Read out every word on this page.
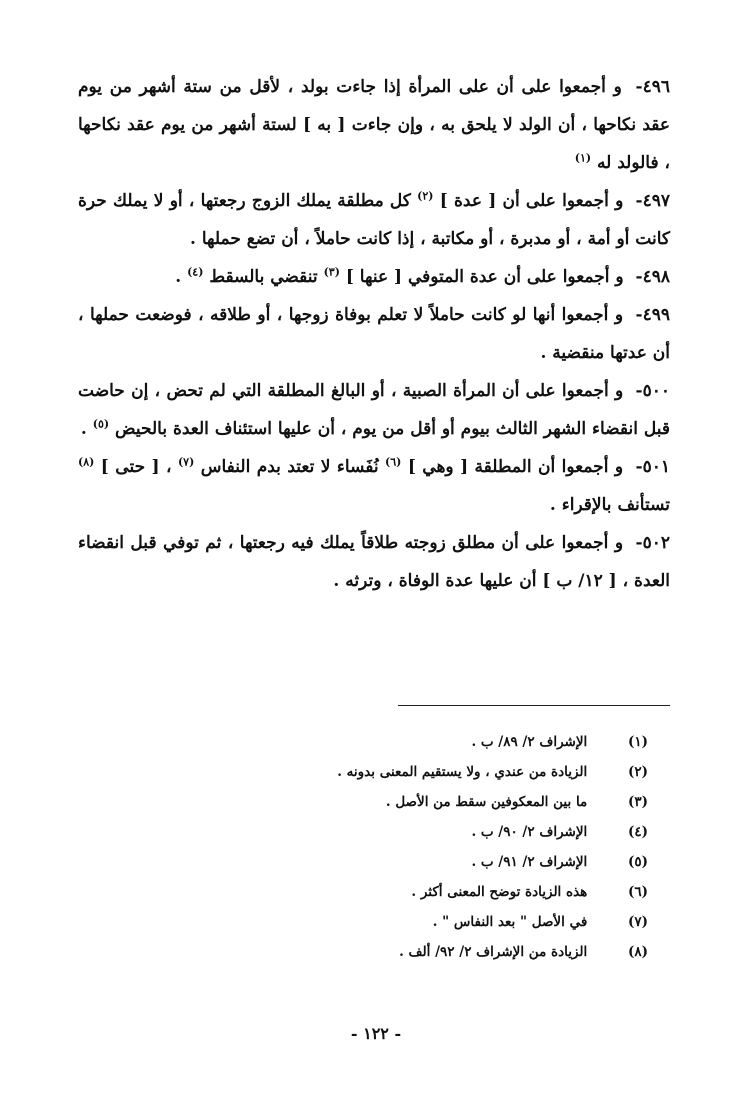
٤٩٦- و أجمعوا على أن على المرأة إذا جاءت بولد ، لأقل من ستة أشهر من يوم عقد نكاحها ، أن الولد لا يلحق به ، وإن جاءت [ به ] لستة أشهر من يوم عقد نكاحها ، فالولد له $^{(١)}$

٤٩٧- و أجمعوا على أن [ عدة ] $^{(٢)}$ كل مطلقة يملك الزوج رجعتها ، أو لا يملك حرة كانت أو أمة ، أو مدبرة ، أو مكاتبة ، إذا كانت حاملاً ، أن تضع حملها .

٤٩٨- و أجمعوا على أن عدة المتوفي [ عنها ] $^{(٣)}$ تنقضي بالسقط $^{(٤)}$ .

٤٩٩- و أجمعوا أنها لو كانت حاملاً لا تعلم بوفاة زوجها ، أو طلاقه ، فوضعت حملها ، أن عدتها منقضية .

٥٠٠- و أجمعوا على أن المرأة الصبية ، أو البالغ المطلقة التي لم تحض ، إن حاضت قبل انقضاء الشهر الثالث بيوم أو أقل من يوم ، أن عليها استئناف العدة بالحيض $^{(٥)}$ .

٥٠١- و أجمعوا أن المطلقة [ وهي ] $^{(٦)}$ نُفَساء لا تعتد بدم النفاس $^{(٧)}$ ، [ حتى ] $^{(٨)}$ تستأنف بالإقراء .

٥٠٢- و أجمعوا على أن مطلق زوجته طلاقاً يملك فيه رجعتها ، ثم توفي قبل انقضاء العدة ، [ ١٢/ ب ] أن عليها عدة الوفاة ، وترثه .

(١) الإشراف ٢/ ٨٩/ ب .
(٢) الزيادة من عندي ، ولا يستقيم المعنى بدونه .
(٣) ما بين المعكوفين سقط من الأصل .
(٤) الإشراف ٢/ ٩٠/ ب .
(٥) الإشراف ٢/ ٩١/ ب .
(٦) هذه الزيادة توضح المعنى أكثر .
(٧) في الأصل " بعد النفاس " .
(٨) الزيادة من الإشراف ٢/ ٩٢/ ألف .
- ١٢٢ -
